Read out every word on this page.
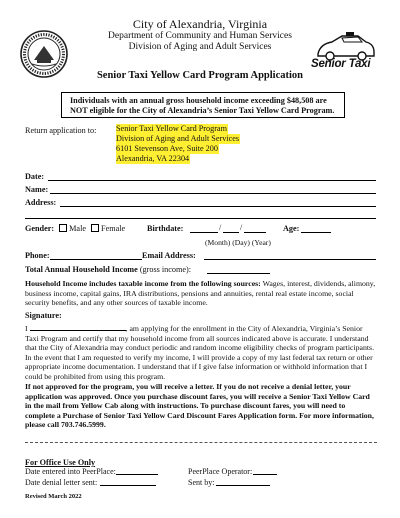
City of Alexandria, Virginia
Department of Community and Human Services
Division of Aging and Adult Services
Senior Taxi
Senior Taxi Yellow Card Program Application
Individuals with an annual gross household income exceeding $48,508 are NOT eligible for the City of Alexandria’s Senior Taxi Yellow Card Program.
Return application to: Senior Taxi Yellow Card Program
Division of Aging and Adult Services
6101 Stevenson Ave, Suite 200
Alexandria, VA 22304
Date:
Name:
Address:
Gender: Male Female	Birthdate:	/ /	Age:
(Month) (Day) (Year)
Phone:	Email Address:
Total Annual Household Income (gross income):
Household Income includes taxable income from the following sources: Wages, interest, dividends, alimony, business income, capital gains, IRA distributions, pensions and annuities, rental real estate income, social security benefits, and any other sources of taxable income.
Signature:
I	, am applying for the enrollment in the City of Alexandria, Virginia’s Senior Taxi Program and certify that my household income from all sources indicated above is accurate. I understand that the City of Alexandria may conduct periodic and random income eligibility checks of program participants. In the event that I am requested to verify my income, I will provide a copy of my last federal tax return or other appropriate income documentation. I understand that if I give false information or withhold information that I could be prohibited from using this program.
If not approved for the program, you will receive a letter. If you do not receive a denial letter, your application was approved. Once you purchase discount fares, you will receive a Senior Taxi Yellow Card in the mail from Yellow Cab along with instructions. To purchase discount fares, you will need to complete a Purchase of Senior Taxi Yellow Card Discount Fares Application form. For more information, please call 703.746.5999.
For Office Use Only
Date entered into PeerPlace:	PeerPlace Operator:
Date denial letter sent:	Sent by:
Revised March 2022
